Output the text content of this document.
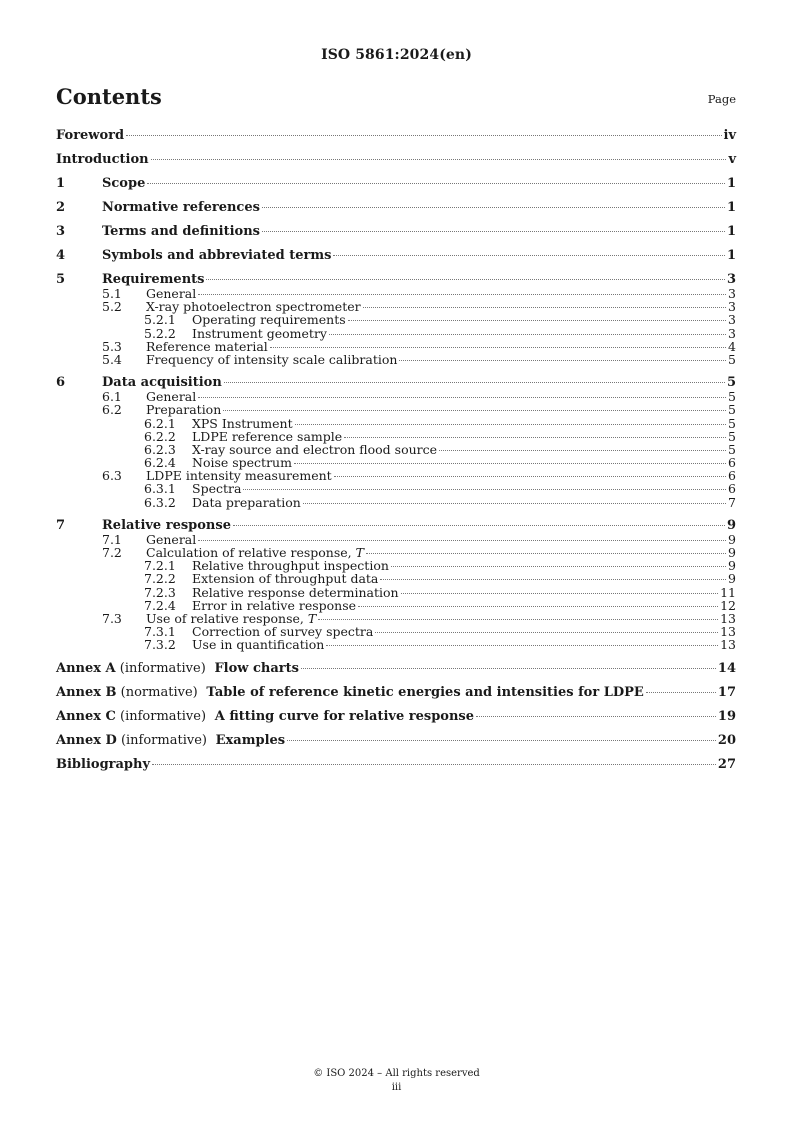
ISO 5861:2024(en)
Contents	Page
Foreword	iv
Introduction	v
1	Scope	1
2	Normative references	1
3	Terms and definitions	1
4	Symbols and abbreviated terms	1
5	Requirements	3
5.1	General	3
5.2	X-ray photoelectron spectrometer	3
5.2.1	Operating requirements	3
5.2.2	Instrument geometry	3
5.3	Reference material	4
5.4	Frequency of intensity scale calibration	5
6	Data acquisition	5
6.1	General	5
6.2	Preparation	5
6.2.1	XPS Instrument	5
6.2.2	LDPE reference sample	5
6.2.3	X-ray source and electron flood source	5
6.2.4	Noise spectrum	6
6.3	LDPE intensity measurement	6
6.3.1	Spectra	6
6.3.2	Data preparation	7
7	Relative response	9
7.1	General	9
7.2	Calculation of relative response, T	9
7.2.1	Relative throughput inspection	9
7.2.2	Extension of throughput data	9
7.2.3	Relative response determination	11
7.2.4	Error in relative response	12
7.3	Use of relative response, T	13
7.3.1	Correction of survey spectra	13
7.3.2	Use in quantification	13
Annex A (informative)  Flow charts	14
Annex B (normative)  Table of reference kinetic energies and intensities for LDPE	17
Annex C (informative)  A fitting curve for relative response	19
Annex D (informative)  Examples	20
Bibliography	27
© ISO 2024 – All rights reserved
iii
